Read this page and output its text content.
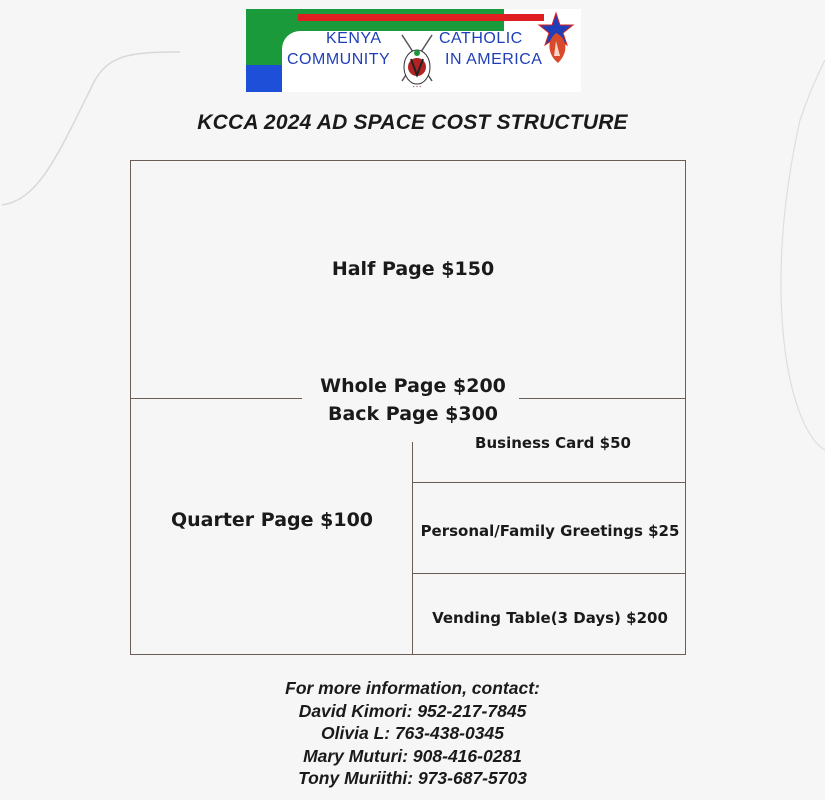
KENYA
COMMUNITY
CATHOLIC
IN AMERICA
* * *
KCCA 2024 AD SPACE COST STRUCTURE
Half Page $150
Whole Page $200
Back Page $300
Quarter Page $100
Business Card $50
Personal/Family Greetings $25
Vending Table(3 Days) $200
For more information, contact:
David Kimori: 952-217-7845
Olivia L: 763-438-0345
Mary Muturi: 908-416-0281
Tony Muriithi: 973-687-5703
